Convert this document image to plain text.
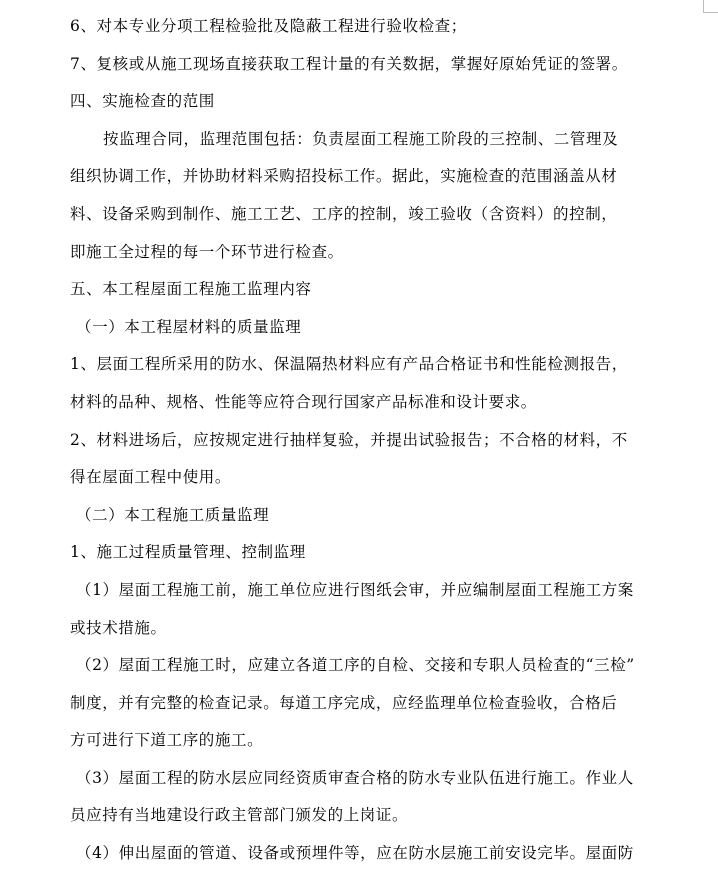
6、对本专业分项工程检验批及隐蔽工程进行验收检查；
7、复核或从施工现场直接获取工程计量的有关数据，掌握好原始凭证的签署。
四、实施检查的范围
按监理合同，监理范围包括：负责屋面工程施工阶段的三控制、二管理及
组织协调工作，并协助材料采购招投标工作。据此，实施检查的范围涵盖从材
料、设备采购到制作、施工工艺、工序的控制，竣工验收（含资料）的控制，
即施工全过程的每一个环节进行检查。
五、本工程屋面工程施工监理内容
（一）本工程屋材料的质量监理
1、层面工程所采用的防水、保温隔热材料应有产品合格证书和性能检测报告，
材料的品种、规格、性能等应符合现行国家产品标准和设计要求。
2、材料进场后，应按规定进行抽样复验，并提出试验报告；不合格的材料，不
得在屋面工程中使用。
（二）本工程施工质量监理
1、施工过程质量管理、控制监理
（1）屋面工程施工前，施工单位应进行图纸会审，并应编制屋面工程施工方案
或技术措施。
（2）屋面工程施工时，应建立各道工序的自检、交接和专职人员检查的“三检”
制度，并有完整的检查记录。每道工序完成，应经监理单位检查验收，合格后
方可进行下道工序的施工。
（3）屋面工程的防水层应同经资质审查合格的防水专业队伍进行施工。作业人
员应持有当地建设行政主管部门颁发的上岗证。
（4）伸出屋面的管道、设备或预埋件等，应在防水层施工前安设完毕。屋面防
